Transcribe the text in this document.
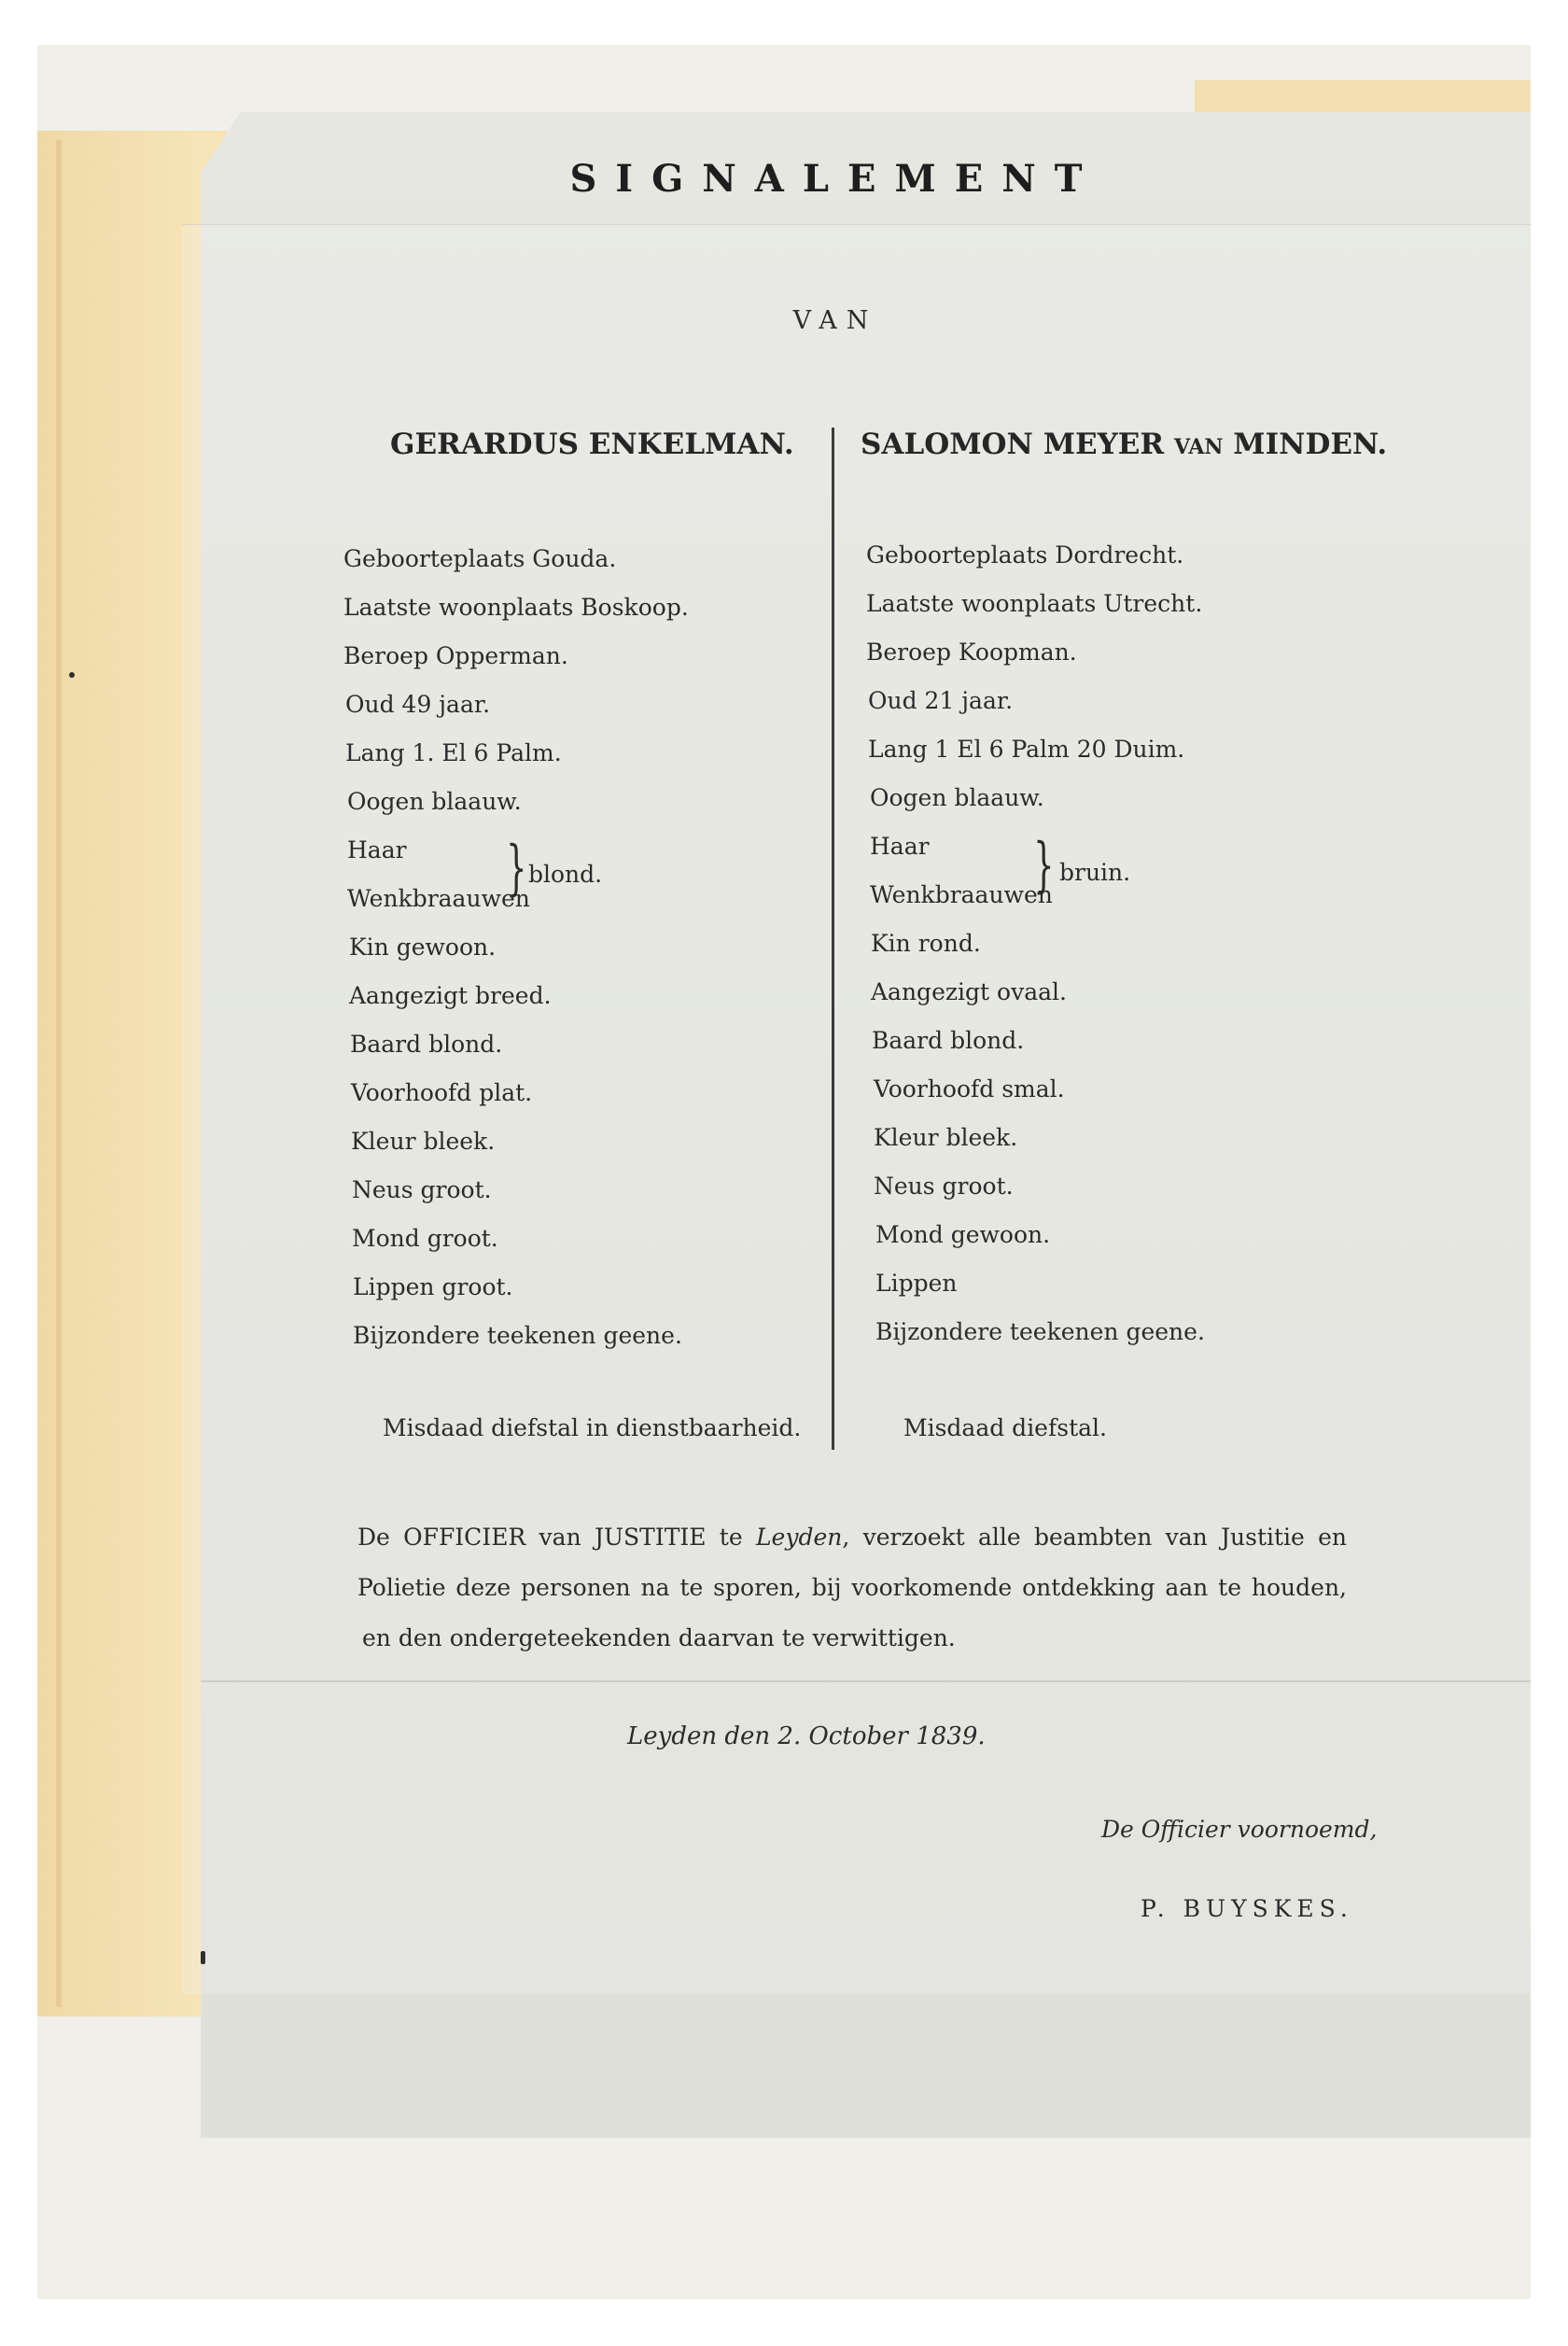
SIGNALEMENT
VAN
GERARDUS ENKELMAN. SALOMON MEYER VAN MINDEN.
Geboorteplaats Gouda.
Laatste woonplaats Boskoop.
Beroep Opperman.
Oud 49 jaar.
Lang 1. El 6 Palm.
Oogen blaauw.
Haar
Wenkbraauwen
} blond.
Kin gewoon.
Aangezigt breed.
Baard blond.
Voorhoofd plat.
Kleur bleek.
Neus groot.
Mond groot.
Lippen groot.
Bijzondere teekenen geene.
Misdaad diefstal in dienstbaarheid.
Geboorteplaats Dordrecht.
Laatste woonplaats Utrecht.
Beroep Koopman.
Oud 21 jaar.
Lang 1 El 6 Palm 20 Duim.
Oogen blaauw.
Haar
Wenkbraauwen
} bruin.
Kin rond.
Aangezigt ovaal.
Baard blond.
Voorhoofd smal.
Kleur bleek.
Neus groot.
Mond gewoon.
Lippen
Bijzondere teekenen geene.
Misdaad diefstal.
De OFFICIER van JUSTITIE te Leyden, verzoekt alle beambten van Justitie en
Polietie deze personen na te sporen, bij voorkomende ontdekking aan te houden,
en den ondergeteekenden daarvan te verwittigen.
Leyden den 2. October 1839.
De Officier voornoemd,
P. BUYSKES.
